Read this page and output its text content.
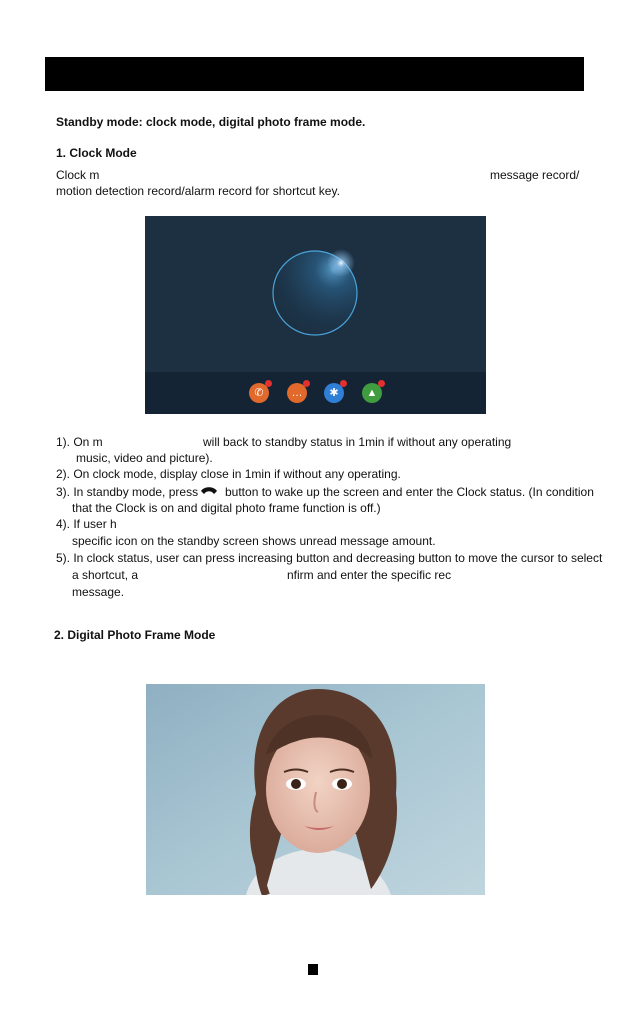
Standby mode: clock mode, digital photo frame mode.
1. Clock Mode
Clock m	message record/
motion detection record/alarm record for shortcut key.
✆	…	✱	▲
1). On m	will back to standby status in 1min if without any operating
music, video and picture).
2). On clock mode, display close in 1min if without any operating.
3). In standby mode, press button to wake up the screen and enter the Clock status. (In condition
that the Clock is on and digital photo frame function is off.)
4). If user h
specific icon on the standby screen shows unread message amount.
5). In clock status, user can press increasing button and decreasing button to move the cursor to select
a shortcut, a	nfirm and enter the specific rec
message.
2. Digital Photo Frame Mode
